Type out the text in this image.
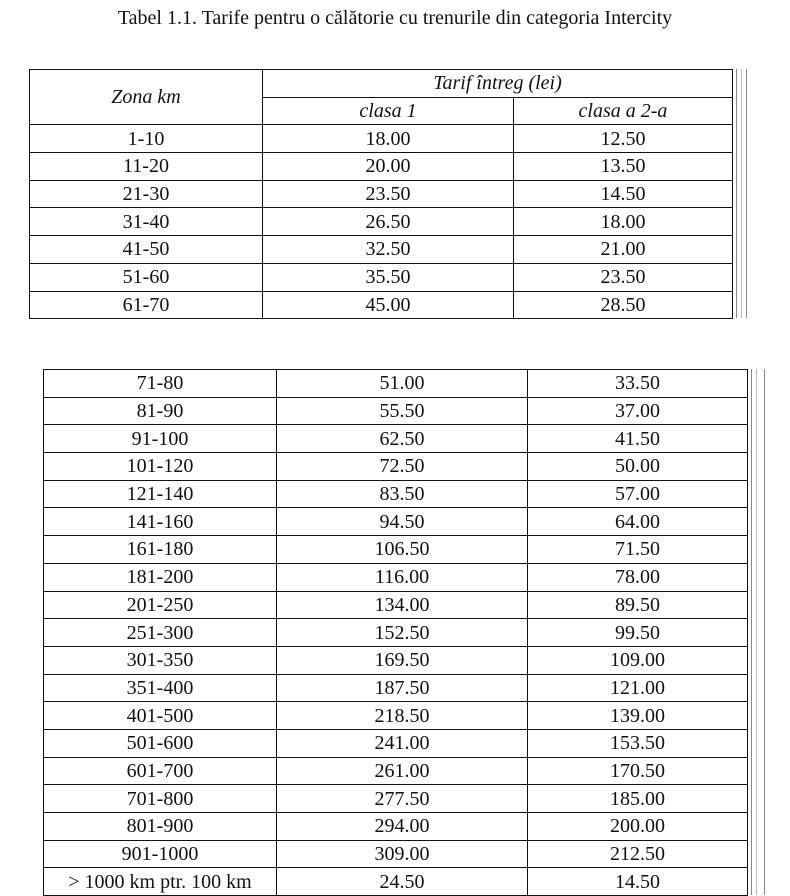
Tabel 1.1. Tarife pentru o călătorie cu trenurile din categoria Intercity
Zona km	Tarif întreg (lei)	
	clasa 1	clasa a 2-a
1-10	18.00	12.50
11-20	20.00	13.50
21-30	23.50	14.50
31-40	26.50	18.00
41-50	32.50	21.00
51-60	35.50	23.50
61-70	45.00	28.50
71-80	51.00	33.50
81-90	55.50	37.00
91-100	62.50	41.50
101-120	72.50	50.00
121-140	83.50	57.00
141-160	94.50	64.00
161-180	106.50	71.50
181-200	116.00	78.00
201-250	134.00	89.50
251-300	152.50	99.50
301-350	169.50	109.00
351-400	187.50	121.00
401-500	218.50	139.00
501-600	241.00	153.50
601-700	261.00	170.50
701-800	277.50	185.00
801-900	294.00	200.00
901-1000	309.00	212.50
> 1000 km ptr. 100 km	24.50	14.50
